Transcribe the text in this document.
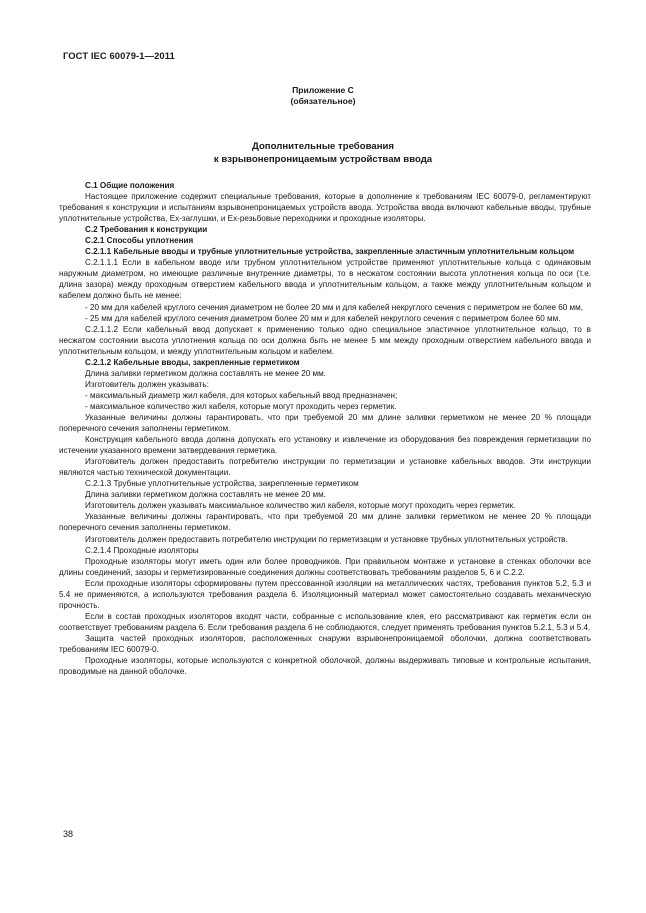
ГОСТ IEC 60079-1—2011
Приложение С
(обязательное)
Дополнительные требования
к взрывонепроницаемым устройствам ввода

С.1 Общие положения

Настоящее приложение содержит специальные требования, которые в дополнение к требованиям IEC 60079-0, регламентируют требования к конструкции и испытаниям взрывонепроницаемых устройств ввода. Устройства ввода включают кабельные вводы, трубные уплотнительные устройства, Ех-заглушки, и Ех-резьбовые переходники и проходные изоляторы.

С.2 Требования к конструкции

С.2.1 Способы уплотнения

С.2.1.1 Кабельные вводы и трубные уплотнительные устройства, закрепленные эластичным уплотнительным кольцом

С.2.1.1.1 Если в кабельном вводе или трубном уплотнительном устройстве применяют уплотнительные кольца с одинаковым наружным диаметром, но имеющие различные внутренние диаметры, то в несжатом состоянии высота уплотнения кольца по оси (т.е. длина зазора) между проходным отверстием кабельного ввода и уплотнительным кольцом, а также между уплотнительным кольцом и кабелем должно быть не менее:

- 20 мм для кабелей круглого сечения диаметром не более 20 мм и для кабелей некруглого сечения с периметром не более 60 мм,

- 25 мм для кабелей круглого сечения диаметром более 20 мм и для кабелей некруглого сечения с периметром более 60 мм.

С.2.1.1.2 Если кабельный ввод допускает к применению только одно специальное эластичное уплотнительное кольцо, то в несжатом состоянии высота уплотнения кольца по оси должна быть не менее 5 мм между проходным отверстием кабельного ввода и уплотнительным кольцом, и между уплотнительным кольцом и кабелем.

С.2.1.2 Кабельные вводы, закрепленные герметиком

Длина заливки герметиком должна составлять не менее 20 мм.

Изготовитель должен указывать:

- максимальный диаметр жил кабеля, для которых кабельный ввод предназначен;

- максимальное количество жил кабеля, которые могут проходить через герметик.

Указанные величины должны гарантировать, что при требуемой 20 мм длине заливки герметиком не менее 20 % площади поперечного сечения заполнены герметиком.

Конструкция кабельного ввода должна допускать его установку и извлечение из оборудования без повреждения герметизации по истечении указанного времени затвердевания герметика.

Изготовитель должен предоставить потребителю инструкции по герметизации и установке кабельных вводов. Эти инструкции являются частью технической документации.

С.2.1.3 Трубные уплотнительные устройства, закрепленные герметиком

Длина заливки герметиком должна составлять не менее 20 мм.

Изготовитель должен указывать максимальное количество жил кабеля, которые могут проходить через герметик.

Указанные величины должны гарантировать, что при требуемой 20 мм длине заливки герметиком не менее 20 % площади поперечного сечения заполнены герметиком.

Изготовитель должен предоставить потребителю инструкции по герметизации и установке трубных уплотнительных устройств.

С.2.1.4 Проходные изоляторы

Проходные изоляторы могут иметь один или более проводников. При правильном монтаже и установке в стенках оболочки все длины соединений, зазоры и герметизированные соединения должны соответствовать требованиям разделов 5, 6 и С.2.2.

Если проходные изоляторы сформированы путем прессованной изоляции на металлических частях, требования пунктов 5.2, 5.3 и 5.4 не применяются, а используются требования раздела 6. Изоляционный материал может самостоятельно создавать механическую прочность.

Если в состав проходных изоляторов входят части, собранные с использование клея, его рассматривают как герметик если он соответствует требованиям раздела 6. Если требования раздела 6 не соблюдаются, следует применять требования пунктов 5.2.1, 5.3 и 5.4.

Защита частей проходных изоляторов, расположенных снаружи взрывонепроницаемой оболочки, должна соответствовать требованиям IEC 60079-0.

Проходные изоляторы, которые используются с конкретной оболочкой, должны выдерживать типовые и контрольные испытания, проводимые на данной оболочке.

38
